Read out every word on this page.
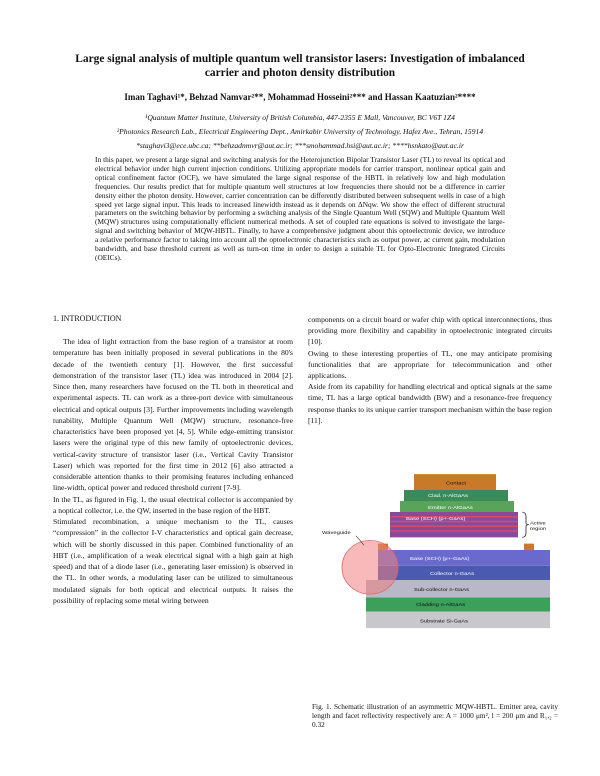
Large signal analysis of multiple quantum well transistor lasers: Investigation of imbalanced carrier and photon density distribution
Iman Taghavi¹*, Behzad Namvar²**, Mohammad Hosseini²*** and Hassan Kaatuzian²****
¹Quantum Matter Institute, University of British Columbia, 447-2355 E Mall, Vancouver, BC V6T 1Z4
²Photonics Research Lab., Electrical Engineering Dept., Amirkabir University of Technology, Hafez Ave., Tehran, 15914
*staghavi3@ece.ubc.ca; **behzadnmvr@aut.ac.ir; ***smohammad.hsi@aut.ac.ir; ****hsnkato@aut.ac.ir
In this paper, we present a large signal and switching analysis for the Heterojunction Bipolar Transistor Laser (TL) to reveal its optical and electrical behavior under high current injection conditions. Utilizing appropriate models for carrier transport, nonlinear optical gain and optical confinement factor (OCF), we have simulated the large signal response of the HBTL in relatively low and high modulation frequencies. Our results predict that for multiple quantum well structures at low frequencies there should not be a difference in carrier density either the photon density. However, carrier concentration can be differently distributed between subsequent wells in case of a high speed yet large signal input. This leads to increased linewidth instead as it depends on ΔNqw. We show the effect of different structural parameters on the switching behavior by performing a switching analysis of the Single Quantum Well (SQW) and Multiple Quantum Well (MQW) structures using computationally efficient numerical methods. A set of coupled rate equations is solved to investigate the large-signal and switching behavior of MQW-HBTL. Finally, to have a comprehensive judgment about this optoelectronic device, we introduce a relative performance factor to taking into account all the optoelectronic characteristics such as output power, ac current gain, modulation bandwidth, and base threshold current as well as turn-on time in order to design a suitable TL for Opto-Electronic Integrated Circuits (OEICs).
1. INTRODUCTION

The idea of light extraction from the base region of a transistor at room temperature has been initially proposed in several publications in the 80's decade of the twentieth century [1]. However, the first successful demonstration of the transistor laser (TL) idea was introduced in 2004 [2]. Since then, many researchers have focused on the TL both in theoretical and experimental aspects. TL can work as a three-port device with simultaneous electrical and optical outputs [3]. Further improvements including wavelength tunability, Multiple Quantum Well (MQW) structure, resonance-free characteristics have been proposed yet [4, 5]. While edge-emitting transistor lasers were the original type of this new family of optoelectronic devices, vertical-cavity structure of transistor laser (i.e., Vertical Cavity Transistor Laser) which was reported for the first time in 2012 [6] also attracted a considerable attention thanks to their promising features including enhanced line-width, optical power and reduced threshold current [7-9].

In the TL, as figured in Fig. 1, the usual electrical collector is accompanied by a noptical collector, i.e. the QW, inserted in the base region of the HBT.

Stimulated recombination, a unique mechanism to the TL, causes “compression” in the collector I-V characteristics and optical gain decrease, which will be shortly discussed in this paper. Combined functionality of an HBT (i.e., amplification of a weak electrical signal with a high gain at high speed) and that of a diode laser (i.e., generating laser emission) is observed in the TL. In other words, a modulating laser can be utilized to simultaneous modulated signals for both optical and electrical outputs. It raises the possibility of replacing some metal wiring between

components on a circuit board or wafer chip with optical interconnections, thus providing more flexibility and capability in optoelectronic integrated circuits [10].

Owing to these interesting properties of TL, one may anticipate promising functionalities that are appropriate for telecommunication and other applications.

Aside from its capability for handling electrical and optical signals at the same time, TL has a large optical bandwidth (BW) and a resonance-free frequency response thanks to its unique carrier transport mechanism within the base region [11].

Contact
Clad. n-AlGaAs
Emitter n-AlGaAs
Base (SCH) (p+-GaAs)
Base (SCH) (p+-GaAs)
Collector n-GaAs
Sub-collector n-GaAs
Cladding n-AlGaAs
Substrate Si-GaAs
Active region
Waveguide
Fig. 1. Schematic illustration of an asymmetric MQW-HBTL. Emitter area, cavity length and facet reflectivity respectively are: A = 1000 μm², l = 200 μm and R₁,₂ = 0.32
